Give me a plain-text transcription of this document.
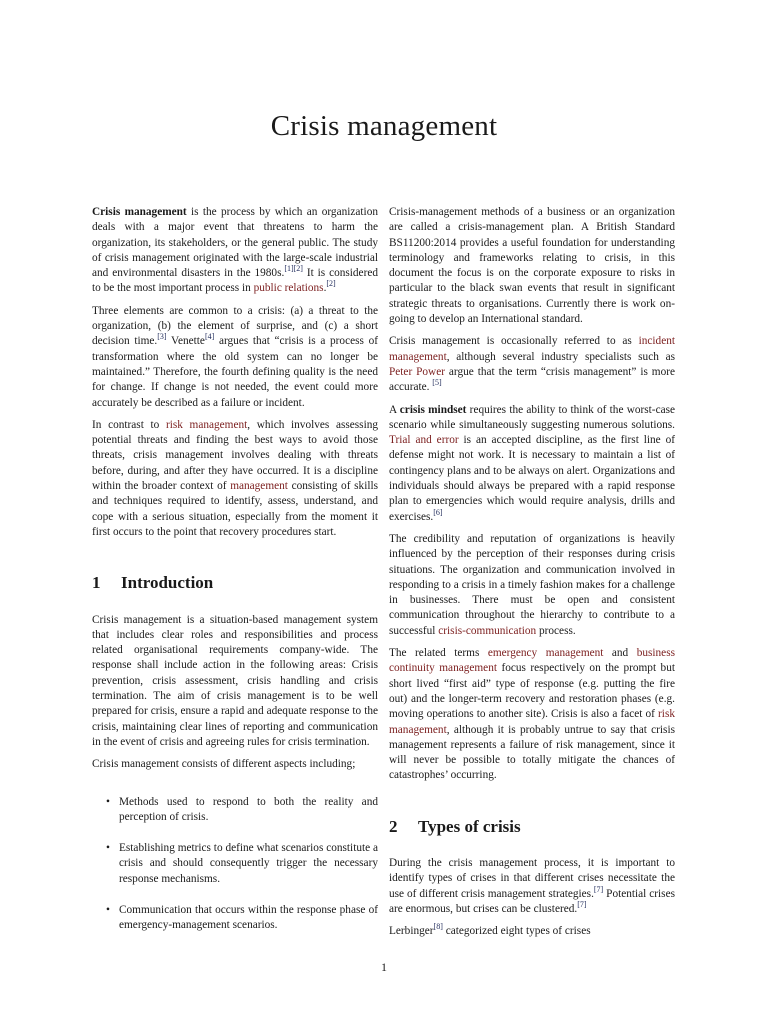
Crisis management

Crisis management is the process by which an organization deals with a major event that threatens to harm the organization, its stakeholders, or the general public. The study of crisis management originated with the large-scale industrial and environmental disasters in the 1980s.[1][2] It is considered to be the most important process in public relations.[2]

Three elements are common to a crisis: (a) a threat to the organization, (b) the element of surprise, and (c) a short decision time.[3] Venette[4] argues that “crisis is a process of transformation where the old system can no longer be maintained.” Therefore, the fourth defining quality is the need for change. If change is not needed, the event could more accurately be described as a failure or incident.

In contrast to risk management, which involves assessing potential threats and finding the best ways to avoid those threats, crisis management involves dealing with threats before, during, and after they have occurred. It is a discipline within the broader context of management consisting of skills and techniques required to identify, assess, understand, and cope with a serious situation, especially from the moment it first occurs to the point that recovery procedures start.

1	Introduction

Crisis management is a situation-based management system that includes clear roles and responsibilities and process related organisational requirements company-wide. The response shall include action in the following areas: Crisis prevention, crisis assessment, crisis handling and crisis termination. The aim of crisis management is to be well prepared for crisis, ensure a rapid and adequate response to the crisis, maintaining clear lines of reporting and communication in the event of crisis and agreeing rules for crisis termination.

Crisis management consists of different aspects including;

• Methods used to respond to both the reality and perception of crisis.
• Establishing metrics to define what scenarios constitute a crisis and should consequently trigger the necessary response mechanisms.
• Communication that occurs within the response phase of emergency-management scenarios.

Crisis-management methods of a business or an organization are called a crisis-management plan. A British Standard BS11200:2014 provides a useful foundation for understanding terminology and frameworks relating to crisis, in this document the focus is on the corporate exposure to risks in particular to the black swan events that result in significant strategic threats to organisations. Currently there is work on-going to develop an International standard.

Crisis management is occasionally referred to as incident management, although several industry specialists such as Peter Power argue that the term “crisis management” is more accurate. [5]

A crisis mindset requires the ability to think of the worst-case scenario while simultaneously suggesting numerous solutions. Trial and error is an accepted discipline, as the first line of defense might not work. It is necessary to maintain a list of contingency plans and to be always on alert. Organizations and individuals should always be prepared with a rapid response plan to emergencies which would require analysis, drills and exercises.[6]

The credibility and reputation of organizations is heavily influenced by the perception of their responses during crisis situations. The organization and communication involved in responding to a crisis in a timely fashion makes for a challenge in businesses. There must be open and consistent communication throughout the hierarchy to contribute to a successful crisis-communication process.

The related terms emergency management and business continuity management focus respectively on the prompt but short lived “first aid” type of response (e.g. putting the fire out) and the longer-term recovery and restoration phases (e.g. moving operations to another site). Crisis is also a facet of risk management, although it is probably untrue to say that crisis management represents a failure of risk management, since it will never be possible to totally mitigate the chances of catastrophes’ occurring.

2	Types of crisis

During the crisis management process, it is important to identify types of crises in that different crises necessitate the use of different crisis management strategies.[7] Potential crises are enormous, but crises can be clustered.[7]

Lerbinger[8] categorized eight types of crises

1
